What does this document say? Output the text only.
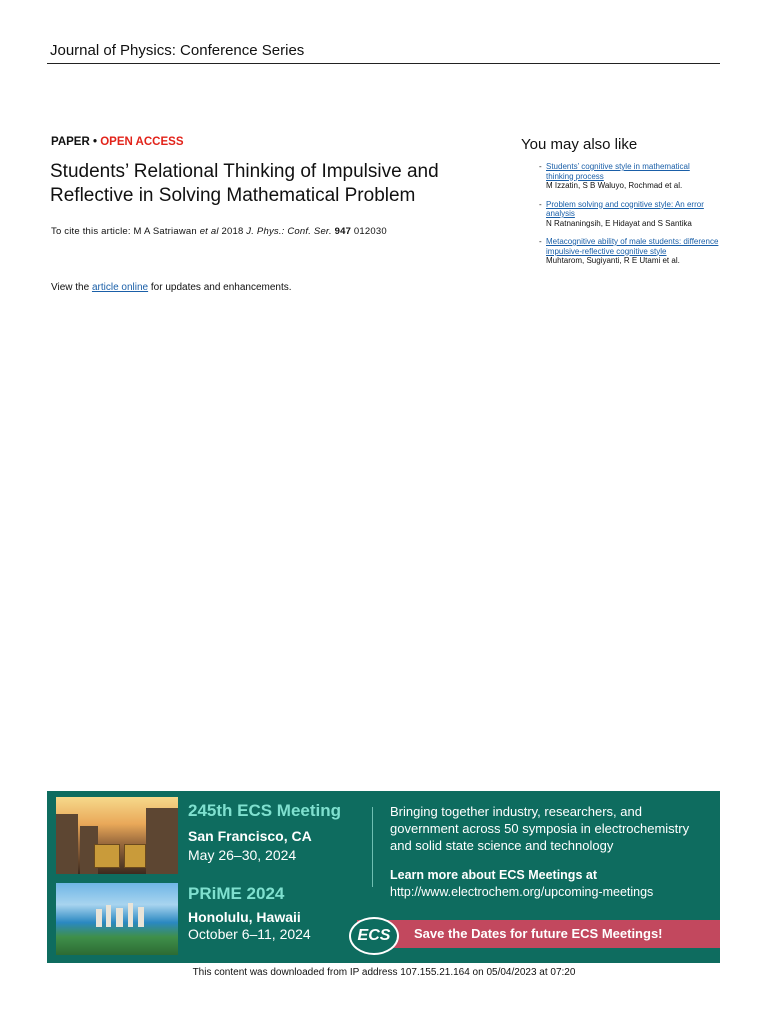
Journal of Physics: Conference Series
PAPER • OPEN ACCESS
Students’ Relational Thinking of Impulsive and Reflective in Solving Mathematical Problem
To cite this article: M A Satriawan et al 2018 J. Phys.: Conf. Ser. 947 012030
View the article online for updates and enhancements.
You may also like
- Students’ cognitive style in mathematical thinking process
M Izzatin, S B Waluyo, Rochmad et al.
- Problem solving and cognitive style: An error analysis
N Ratnaningsih, E Hidayat and S Santika
- Metacognitive ability of male students: difference impulsive-reflective cognitive style
Muhtarom, Sugiyanti, R E Utami et al.
245th ECS Meeting
San Francisco, CA
May 26–30, 2024
PRiME 2024
Honolulu, Hawaii
October 6–11, 2024
Bringing together industry, researchers, and government across 50 symposia in electrochemistry and solid state science and technology
Learn more about ECS Meetings at
http://www.electrochem.org/upcoming-meetings
ECS	Save the Dates for future ECS Meetings!
This content was downloaded from IP address 107.155.21.164 on 05/04/2023 at 07:20
